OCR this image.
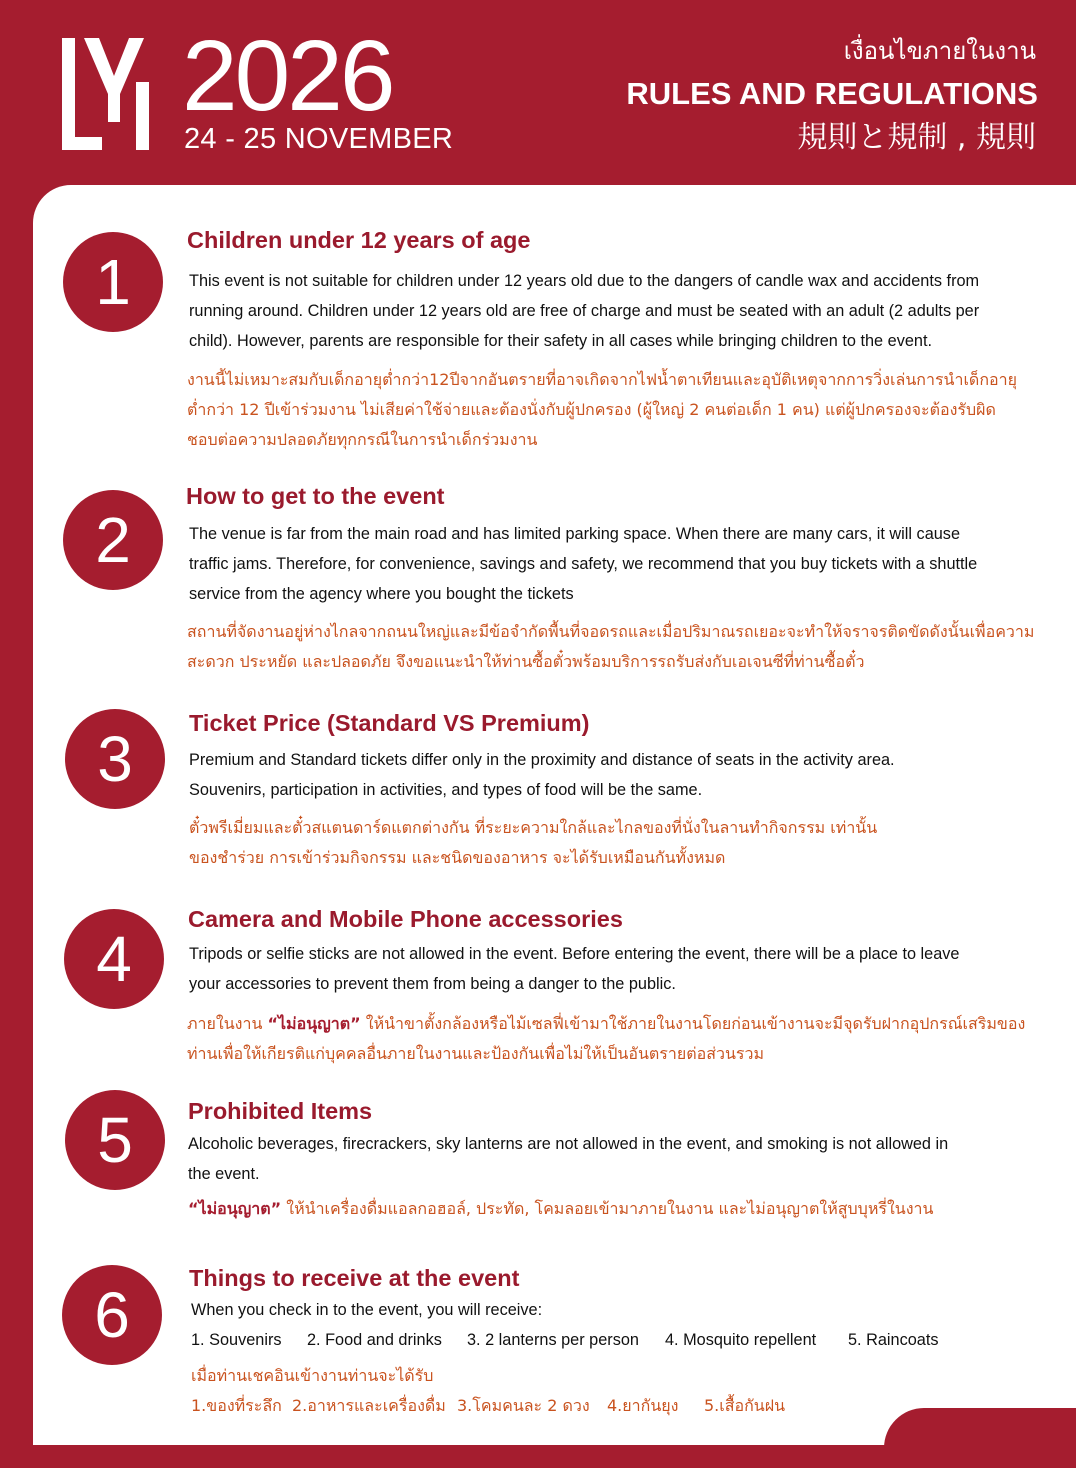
2026
24 - 25 NOVEMBER
เงื่อนไขภายในงาน
RULES AND REGULATIONS
規則と規制 , 規則
1
Children under 12 years of age
This event is not suitable for children under 12 years old due to the dangers of candle wax and accidents from
running around. Children under 12 years old are free of charge and must be seated with an adult (2 adults per
child). However, parents are responsible for their safety in all cases while bringing children to the event.
งานนี้ไม่เหมาะสมกับเด็กอายุต่ำกว่า12ปีจากอันตรายที่อาจเกิดจากไฟน้ำตาเทียนและอุบัติเหตุจากการวิ่งเล่นการนำเด็กอายุ
ต่ำกว่า 12 ปีเข้าร่วมงาน ไม่เสียค่าใช้จ่ายและต้องนั่งกับผู้ปกครอง (ผู้ใหญ่ 2 คนต่อเด็ก 1 คน) แต่ผู้ปกครองจะต้องรับผิด
ชอบต่อความปลอดภัยทุกกรณีในการนำเด็กร่วมงาน
2
How to get to the event
The venue is far from the main road and has limited parking space. When there are many cars, it will cause
traffic jams. Therefore, for convenience, savings and safety, we recommend that you buy tickets with a shuttle
service from the agency where you bought the tickets
สถานที่จัดงานอยู่ห่างไกลจากถนนใหญ่และมีข้อจำกัดพื้นที่จอดรถและเมื่อปริมาณรถเยอะจะทำให้จราจรติดขัดดังนั้นเพื่อความ
สะดวก ประหยัด และปลอดภัย จึงขอแนะนำให้ท่านซื้อตั๋วพร้อมบริการรถรับส่งกับเอเจนซีที่ท่านซื้อตั๋ว
3	Ticket Price (Standard VS Premium)
Premium and Standard tickets differ only in the proximity and distance of seats in the activity area.
Souvenirs, participation in activities, and types of food will be the same.
ตั๋วพรีเมี่ยมและตั๋วสแตนดาร์ดแตกต่างกัน ที่ระยะความใกล้และไกลของที่นั่งในลานทำกิจกรรม เท่านั้น
ของชำร่วย การเข้าร่วมกิจกรรม และชนิดของอาหาร จะได้รับเหมือนกันทั้งหมด
4
Camera and Mobile Phone accessories
Tripods or selfie sticks are not allowed in the event. Before entering the event, there will be a place to leave
your accessories to prevent them from being a danger to the public.
ภายในงาน “ไม่อนุญาต” ให้นำขาตั้งกล้องหรือไม้เซลฟี่เข้ามาใช้ภายในงานโดยก่อนเข้างานจะมีจุดรับฝากอุปกรณ์เสริมของ
ท่านเพื่อให้เกียรติแก่บุคคลอื่นภายในงานและป้องกันเพื่อไม่ให้เป็นอันตรายต่อส่วนรวม
5	Prohibited Items
Alcoholic beverages, firecrackers, sky lanterns are not allowed in the event, and smoking is not allowed in
the event.
“ไม่อนุญาต” ให้นำเครื่องดื่มแอลกอฮอล์, ประทัด, โคมลอยเข้ามาภายในงาน และไม่อนุญาตให้สูบบุหรี่ในงาน
6
Things to receive at the event
When you check in to the event, you will receive:
1. Souvenirs 2. Food and drinks 3. 2 lanterns per person 4. Mosquito repellent 5. Raincoats
เมื่อท่านเชคอินเข้างานท่านจะได้รับ
1.ของที่ระลึก 2.อาหารและเครื่องดื่ม 3.โคมคนละ 2 ดวง 4.ยากันยุง 5.เสื้อกันฝน
